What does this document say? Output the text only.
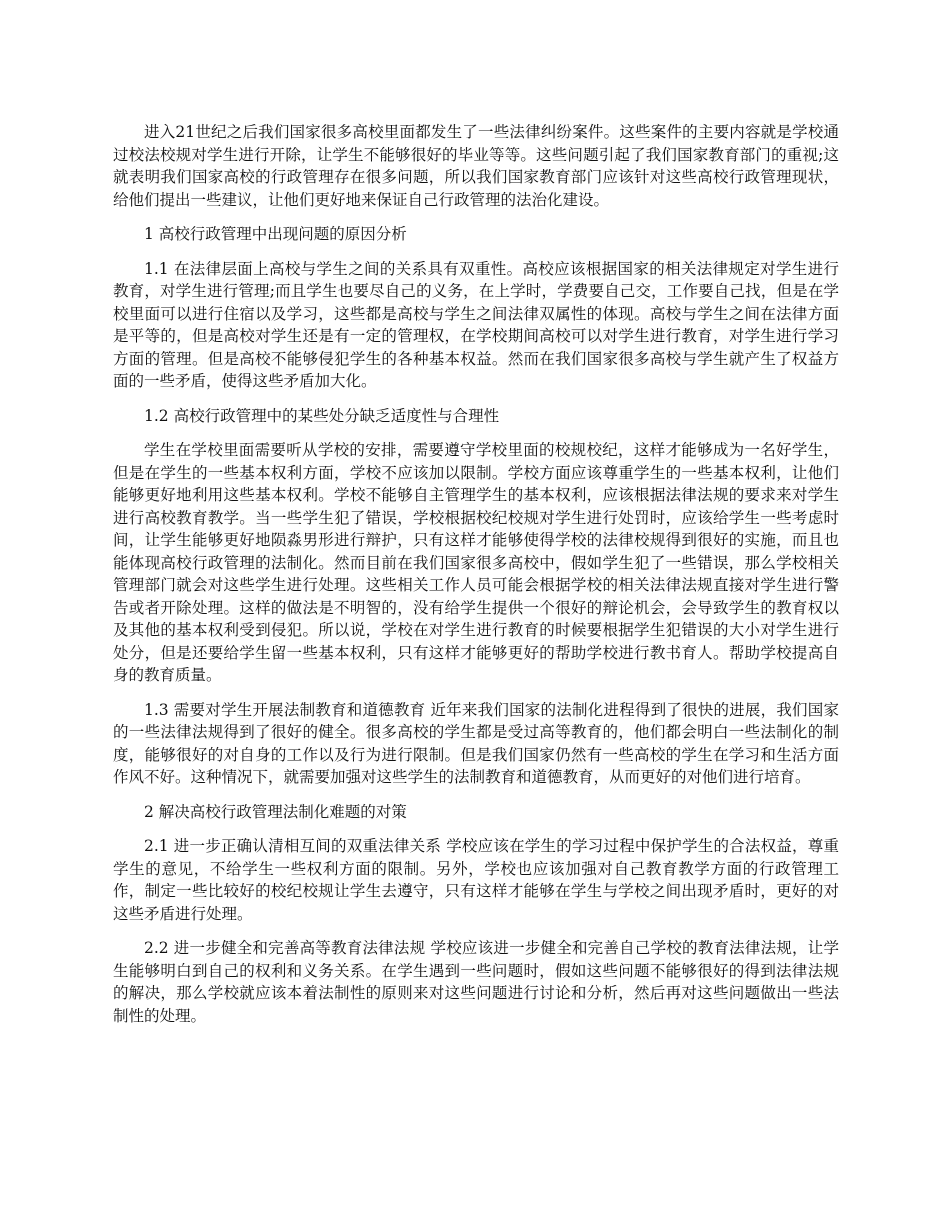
进入21世纪之后我们国家很多高校里面都发生了一些法律纠纷案件。这些案件的主要内容就是学校通过校法校规对学生进行开除，让学生不能够很好的毕业等等。这些问题引起了我们国家教育部门的重视;这就表明我们国家高校的行政管理存在很多问题，所以我们国家教育部门应该针对这些高校行政管理现状，给他们提出一些建议，让他们更好地来保证自己行政管理的法治化建设。

1 高校行政管理中出现问题的原因分析

1.1 在法律层面上高校与学生之间的关系具有双重性。高校应该根据国家的相关法律规定对学生进行教育，对学生进行管理;而且学生也要尽自己的义务，在上学时，学费要自己交，工作要自己找，但是在学校里面可以进行住宿以及学习，这些都是高校与学生之间法律双属性的体现。高校与学生之间在法律方面是平等的，但是高校对学生还是有一定的管理权，在学校期间高校可以对学生进行教育，对学生进行学习方面的管理。但是高校不能够侵犯学生的各种基本权益。然而在我们国家很多高校与学生就产生了权益方面的一些矛盾，使得这些矛盾加大化。

1.2 高校行政管理中的某些处分缺乏适度性与合理性

学生在学校里面需要听从学校的安排，需要遵守学校里面的校规校纪，这样才能够成为一名好学生，但是在学生的一些基本权利方面，学校不应该加以限制。学校方面应该尊重学生的一些基本权利，让他们能够更好地利用这些基本权利。学校不能够自主管理学生的基本权利，应该根据法律法规的要求来对学生进行高校教育教学。当一些学生犯了错误，学校根据校纪校规对学生进行处罚时，应该给学生一些考虑时间，让学生能够更好地陨淼男形进行辩护，只有这样才能够使得学校的法律校规得到很好的实施，而且也能体现高校行政管理的法制化。然而目前在我们国家很多高校中，假如学生犯了一些错误，那么学校相关管理部门就会对这些学生进行处理。这些相关工作人员可能会根据学校的相关法律法规直接对学生进行警告或者开除处理。这样的做法是不明智的，没有给学生提供一个很好的辩论机会，会导致学生的教育权以及其他的基本权利受到侵犯。所以说，学校在对学生进行教育的时候要根据学生犯错误的大小对学生进行处分，但是还要给学生留一些基本权利，只有这样才能够更好的帮助学校进行教书育人。帮助学校提高自身的教育质量。

1.3 需要对学生开展法制教育和道德教育 近年来我们国家的法制化进程得到了很快的进展，我们国家的一些法律法规得到了很好的健全。很多高校的学生都是受过高等教育的，他们都会明白一些法制化的制度，能够很好的对自身的工作以及行为进行限制。但是我们国家仍然有一些高校的学生在学习和生活方面作风不好。这种情况下，就需要加强对这些学生的法制教育和道德教育，从而更好的对他们进行培育。

2 解决高校行政管理法制化难题的对策

2.1 进一步正确认清相互间的双重法律关系 学校应该在学生的学习过程中保护学生的合法权益，尊重学生的意见，不给学生一些权利方面的限制。另外，学校也应该加强对自己教育教学方面的行政管理工作，制定一些比较好的校纪校规让学生去遵守，只有这样才能够在学生与学校之间出现矛盾时，更好的对这些矛盾进行处理。

2.2 进一步健全和完善高等教育法律法规 学校应该进一步健全和完善自己学校的教育法律法规，让学生能够明白到自己的权利和义务关系。在学生遇到一些问题时，假如这些问题不能够很好的得到法律法规的解决，那么学校就应该本着法制性的原则来对这些问题进行讨论和分析，然后再对这些问题做出一些法制性的处理。
